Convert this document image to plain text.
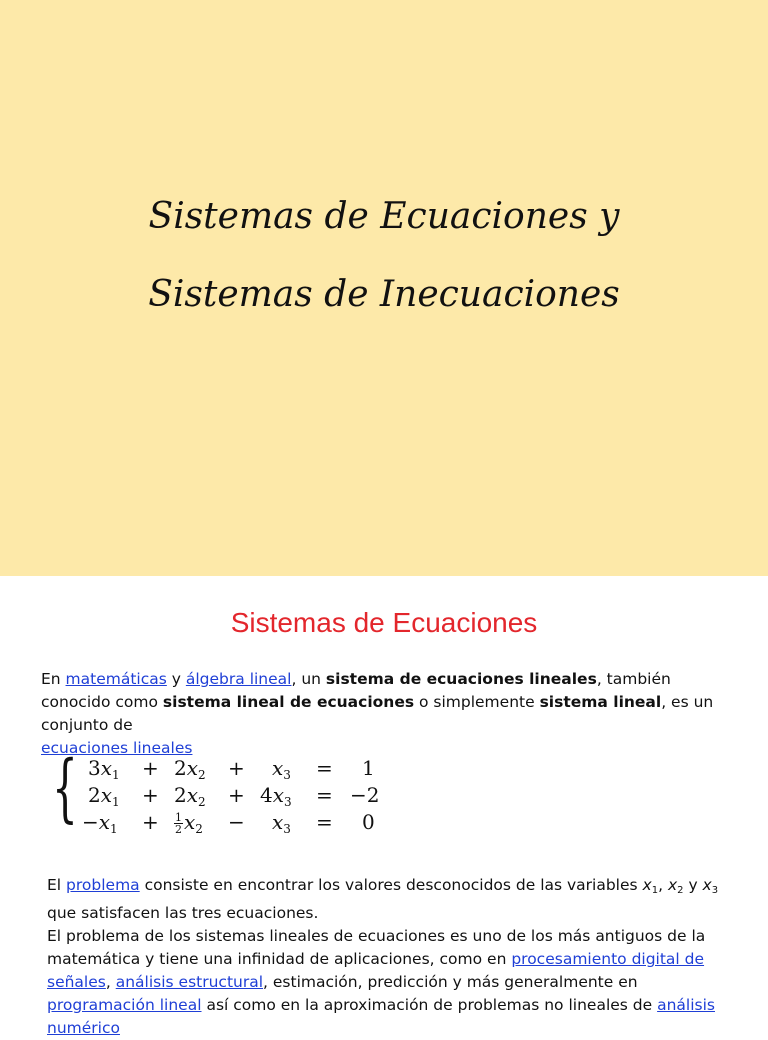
Sistemas de Ecuaciones y
Sistemas de Inecuaciones
Sistemas de Ecuaciones
En matemáticas y álgebra lineal, un sistema de ecuaciones lineales, también conocido como sistema lineal de ecuaciones o simplemente sistema lineal, es un conjunto de
ecuaciones lineales
{ $3x_1 + 2x_2 + x_3 = 1$
$2x_1 + 2x_2 + 4x_3 = -2$
$-x_1 + \frac{1}{2} x_2 - x_3 = 0$
El problema consiste en encontrar los valores desconocidos de las variables $x_1$, $x_2$ y $x_3$ que satisfacen las tres ecuaciones.
El problema de los sistemas lineales de ecuaciones es uno de los más antiguos de la matemática y tiene una infinidad de aplicaciones, como en procesamiento digital de señales, análisis estructural, estimación, predicción y más generalmente en programación lineal así como en la aproximación de problemas no lineales de análisis numérico
